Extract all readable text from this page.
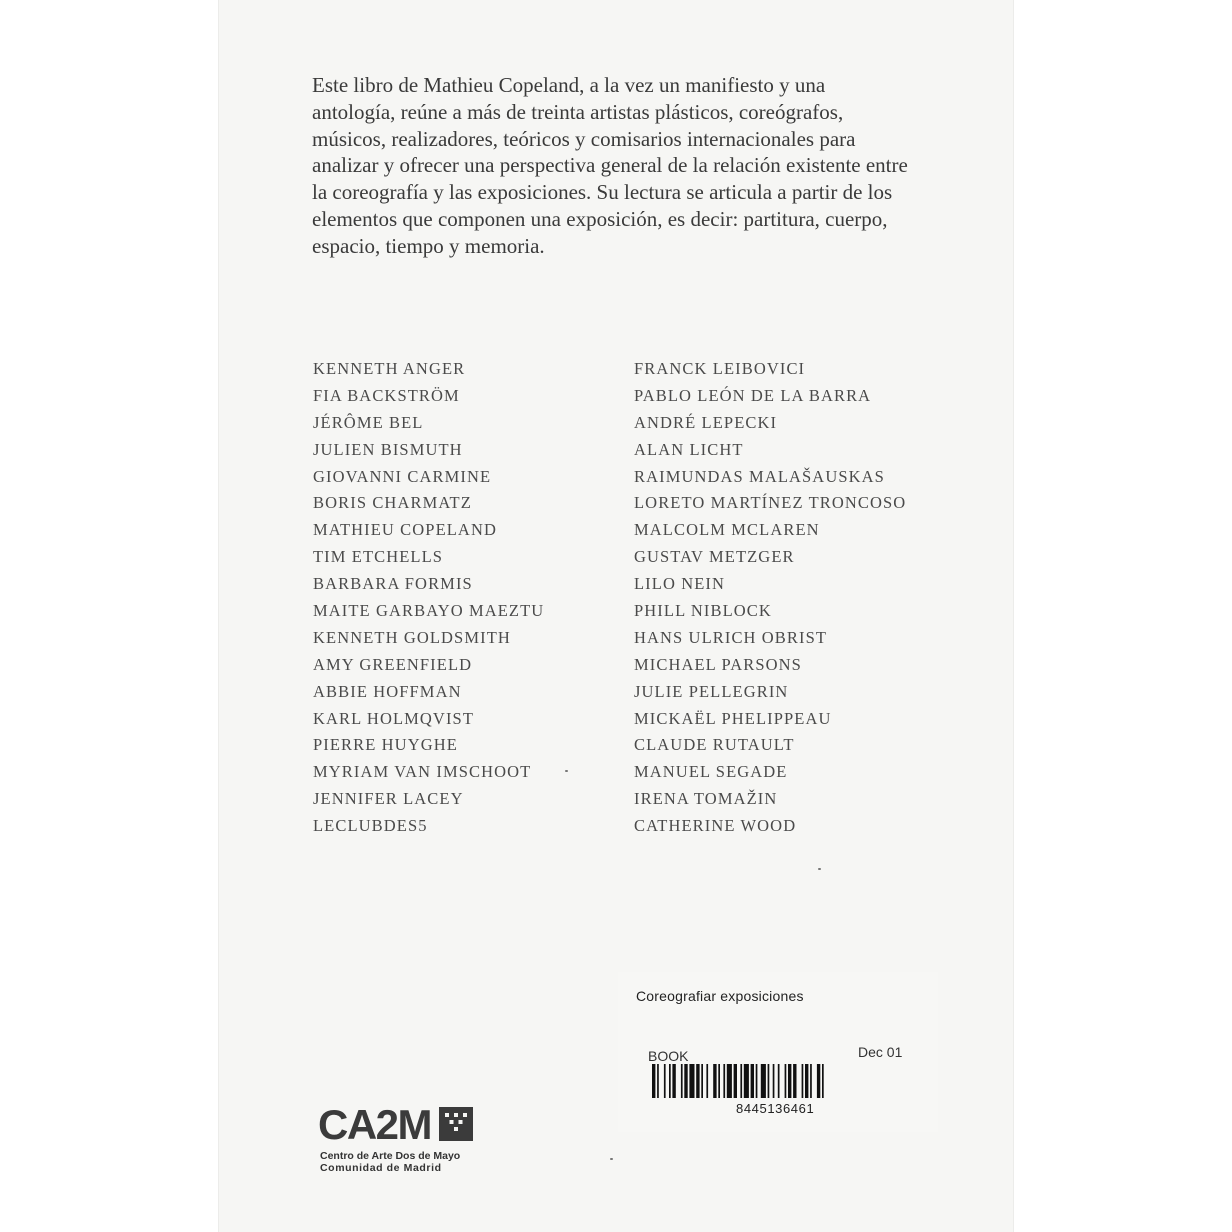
Este libro de Mathieu Copeland, a la vez un manifiesto y una antología, reúne a más de treinta artistas plásticos, coreógrafos, músicos, realizadores, teóricos y comisarios internacionales para analizar y ofrecer una perspectiva general de la relación existente entre la coreografía y las exposiciones. Su lectura se articula a partir de los elementos que componen una exposición, es decir: partitura, cuerpo, espacio, tiempo y memoria.

KENNETH ANGER
FIA BACKSTRÖM
JÉRÔME BEL
JULIEN BISMUTH
GIOVANNI CARMINE
BORIS CHARMATZ
MATHIEU COPELAND
TIM ETCHELLS
BARBARA FORMIS
MAITE GARBAYO MAEZTU
KENNETH GOLDSMITH
AMY GREENFIELD
ABBIE HOFFMAN
KARL HOLMQVIST
PIERRE HUYGHE
MYRIAM VAN IMSCHOOT
JENNIFER LACEY
LECLUBDES5
FRANCK LEIBOVICI
PABLO LEÓN DE LA BARRA
ANDRÉ LEPECKI
ALAN LICHT
RAIMUNDAS MALAŠAUSKAS
LORETO MARTÍNEZ TRONCOSO
MALCOLM MCLAREN
GUSTAV METZGER
LILO NEIN
PHILL NIBLOCK
HANS ULRICH OBRIST
MICHAEL PARSONS
JULIE PELLEGRIN
MICKAËL PHELIPPEAU
CLAUDE RUTAULT
MANUEL SEGADE
IRENA TOMAŽIN
CATHERINE WOOD
Coreografiar exposiciones
BOOK	Dec 01
8445136461
CA2M
Centro de Arte Dos de Mayo
Comunidad de Madrid
